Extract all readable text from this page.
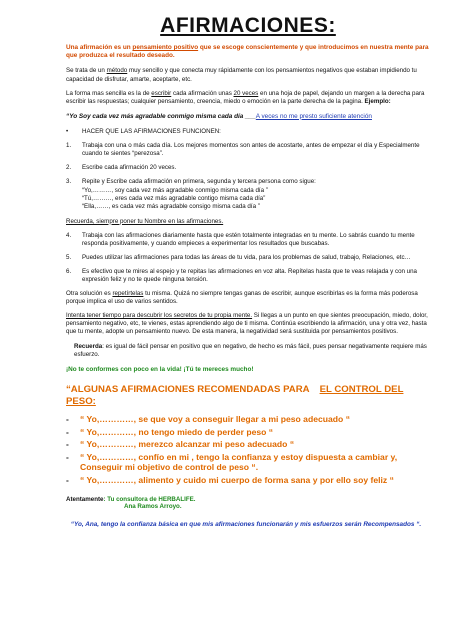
AFIRMACIONES:

Una afirmación es un pensamiento positivo que se escoge conscientemente y que introducimos en nuestra mente para que produzca el resultado deseado.

Se trata de un método muy sencillo y que conecta muy rápidamente con los pensamientos negativos que estaban impidiendo tu capacidad de disfrutar, amarte, aceptarte, etc.

La forma mas sencilla es la de escribir cada afirmación unas 20 veces en una hoja de papel, dejando un margen a la derecha para escribir las respuestas; cualquier pensamiento, creencia, miedo o emoción en la parte derecha de la pagina. Ejemplo:

“Yo Soy cada vez más agradable conmigo misma cada día ___A veces no me presto suficiente atención

•	HACER QUE LAS AFIRMACIONES FUNCIONEN:
1.	Trabaja con una o más cada día. Los mejores momentos son antes de acostarte, antes de empezar el día y Especialmente cuando te sientes “perezosa”.
2.	Escribe cada afirmación 20 veces.
3.	Repite y Escribe cada afirmación en primera, segunda y tercera persona como sigue:
“Yo,………, soy cada vez más agradable conmigo misma cada día ”
“Tú,………, eres cada vez más agradable contigo misma cada día”
“Ella,……, es cada vez más agradable consigo misma cada día ”

Recuerda, siempre poner tu Nombre en las afirmaciones.

4.	Trabaja con las afirmaciones diariamente hasta que estén totalmente integradas en tu mente. Lo sabrás cuando tu mente responda positivamente, y cuando empieces a experimentar los resultados que buscabas.
5.	Puedes utilizar las afirmaciones para todas las áreas de tu vida, para los problemas de salud, trabajo, Relaciones, etc…
6.	Es efectivo que te mires al espejo y te repitas las afirmaciones en voz alta. Repítelas hasta que te veas relajada y con una expresión feliz y no te quede ninguna tensión.

Otra solución es repetírtelas tu misma. Quizá no siempre tengas ganas de escribir, aunque escribirlas es la forma más poderosa porque implica el uso de varios sentidos.

Intenta tener tiempo para descubrir los secretos de tu propia mente. Si llegas a un punto en que sientes preocupación, miedo, dolor, pensamiento negativo, etc, te vienes, estas aprendiendo algo de ti misma. Continúa escribiendo la afirmación, una y otra vez, hasta que tu mente, adopte un pensamiento nuevo. De esta manera, la negatividad será sustituida por pensamientos positivos.

Recuerda: es igual de fácil pensar en positivo que en negativo, de hecho es más fácil, pues pensar negativamente requiere más esfuerzo.

¡No te conformes con poco en la vida! ¡Tú te mereces mucho!

“ALGUNAS AFIRMACIONES RECOMENDADAS PARA EL CONTROL DEL PESO:
-	“ Yo,…………, se que voy a conseguir llegar a mi peso adecuado “
-	“ Yo,…………, no tengo miedo de perder peso “
-	“ Yo,…………, merezco alcanzar mi peso adecuado “
-	“ Yo,…………, confío en mi , tengo la confianza y estoy dispuesta a cambiar y, Conseguir mi objetivo de control de peso “.
-	“ Yo,…………, alimento y cuido mi cuerpo de forma sana y por ello soy feliz “
Atentamente: Tu consultora de HERBALIFE.
Ana Ramos Arroyo.

“Yo, Ana, tengo la confianza básica en que mis afirmaciones funcionarán y mis esfuerzos serán Recompensados “.
